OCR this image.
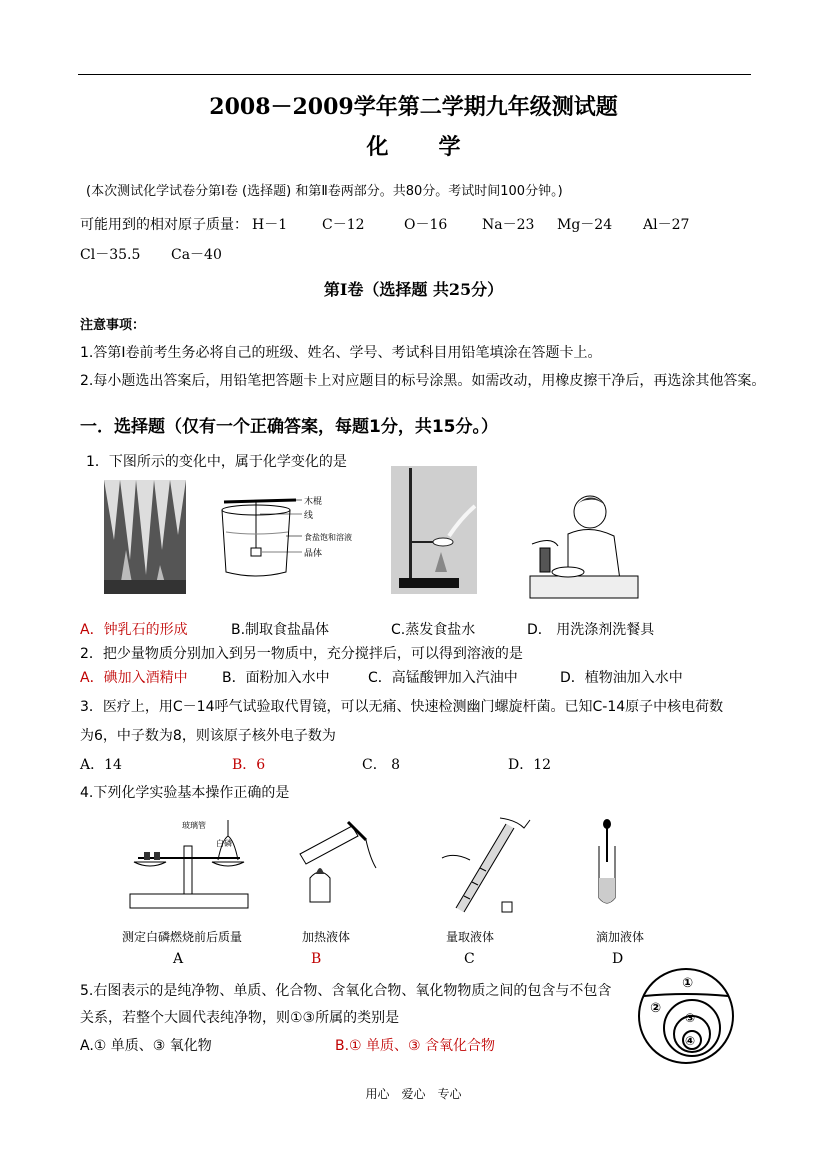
2008－2009学年第二学期九年级测试题
化学
(本次测试化学试卷分第Ⅰ卷 (选择题) 和第Ⅱ卷两部分。共80分。考试时间100分钟。)
可能用到的相对原子质量： H－1 C－12	O－16 Na－23 Mg－24 Al－27
Cl－35.5 Ca－40
第Ⅰ卷（选择题 共25分）
注意事项：
1.答第Ⅰ卷前考生务必将自己的班级、姓名、学号、考试科目用铅笔填涂在答题卡上。
2.每小题选出答案后，用铅笔把答题卡上对应题目的标号涂黑。如需改动，用橡皮擦干净后，再选涂其他答案。
一．选择题（仅有一个正确答案，每题1分，共15分。）
1．下图所示的变化中，属于化学变化的是
木棍
线
食盐饱和溶液
晶体
A．钟乳石的形成	B.制取食盐晶体	C.蒸发食盐水	D． 用洗涤剂洗餐具
2．把少量物质分别加入到另一物质中，充分搅拌后，可以得到溶液的是
A．碘加入酒精中 B．面粉加入水中	C．高锰酸钾加入汽油中	D．植物油加入水中
3．医疗上，用C－14呼气试验取代胃镜，可以无痛、快速检测幽门螺旋杆菌。已知C-14原子中核电荷数
为6，中子数为8，则该原子核外电子数为
A．14	B．6	C． 8	D．12
4.下列化学实验基本操作正确的是
玻璃管
白磷
测定白磷燃烧前后质量	加热液体	量取液体	滴加液体
A	B	C	D
5.右图表示的是纯净物、单质、化合物、含氧化合物、氧化物物质之间的包含与不包含
关系，若整个大圆代表纯净物，则①③所属的类别是
A.① 单质、③ 氧化物	B.① 单质、③ 含氧化合物
①
②
③
④
用心　爱心　专心
